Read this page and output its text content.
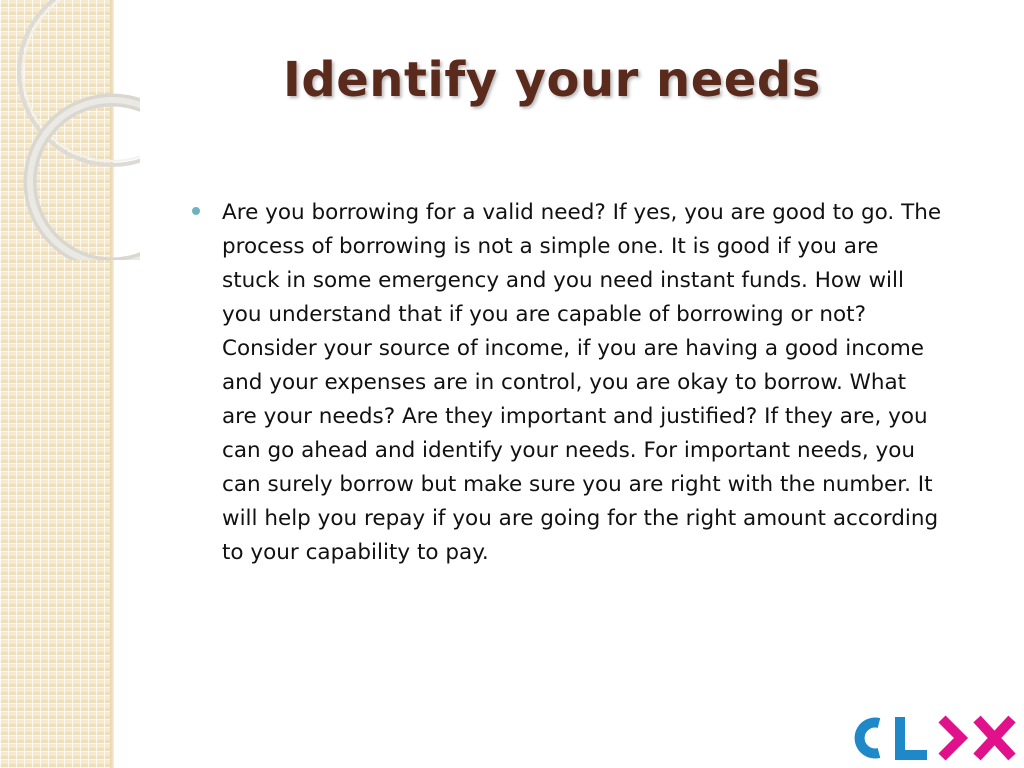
Identify your needs

Are you borrowing for a valid need? If yes, you are good to go. The process of borrowing is not a simple one. It is good if you are stuck in some emergency and you need instant funds. How will you understand that if you are capable of borrowing or not? Consider your source of income, if you are having a good income and your expenses are in control, you are okay to borrow. What are your needs? Are they important and justified? If they are, you can go ahead and identify your needs. For important needs, you can surely borrow but make sure you are right with the number. It will help you repay if you are going for the right amount according to your capability to pay.
